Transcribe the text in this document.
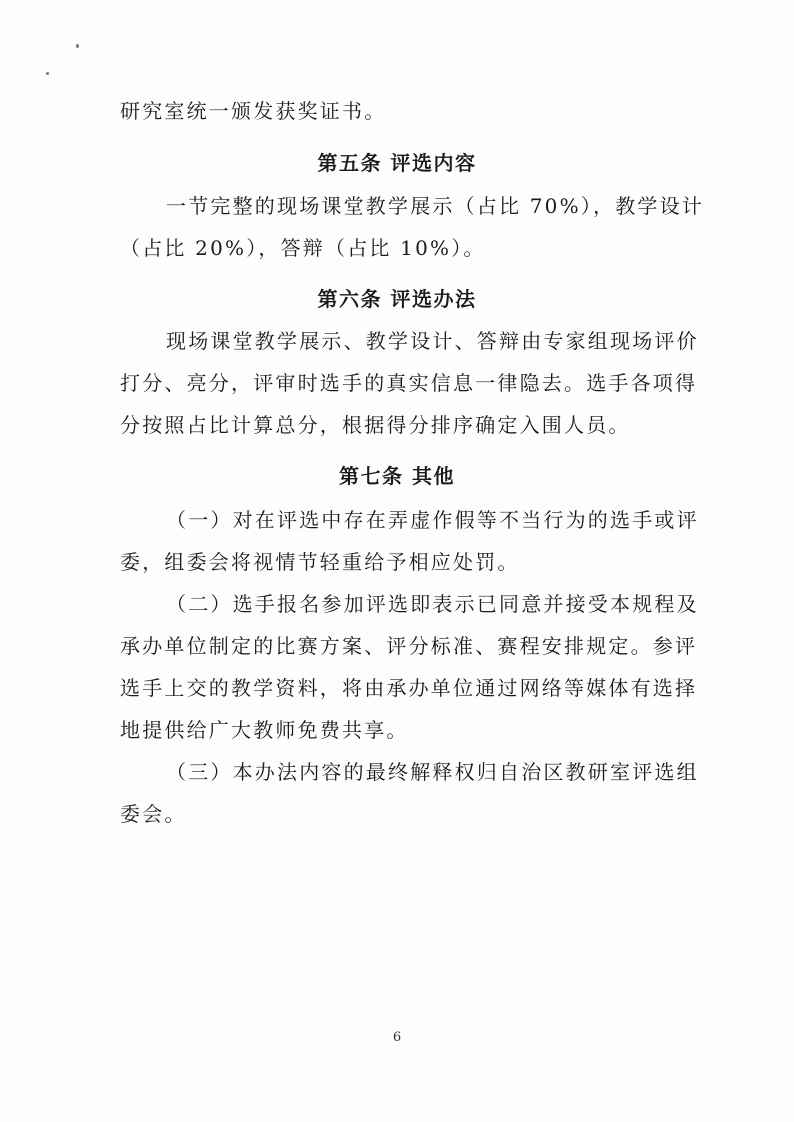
研究室统一颁发获奖证书。
第五条 评选内容
一节完整的现场课堂教学展示（占比 70%），教学设计
（占比 20%），答辩（占比 10%）。
第六条 评选办法
现场课堂教学展示、教学设计、答辩由专家组现场评价
打分、亮分，评审时选手的真实信息一律隐去。选手各项得
分按照占比计算总分，根据得分排序确定入围人员。
第七条 其他
（一）对在评选中存在弄虚作假等不当行为的选手或评
委，组委会将视情节轻重给予相应处罚。
（二）选手报名参加评选即表示已同意并接受本规程及
承办单位制定的比赛方案、评分标准、赛程安排规定。参评
选手上交的教学资料，将由承办单位通过网络等媒体有选择
地提供给广大教师免费共享。
（三）本办法内容的最终解释权归自治区教研室评选组
委会。
6
